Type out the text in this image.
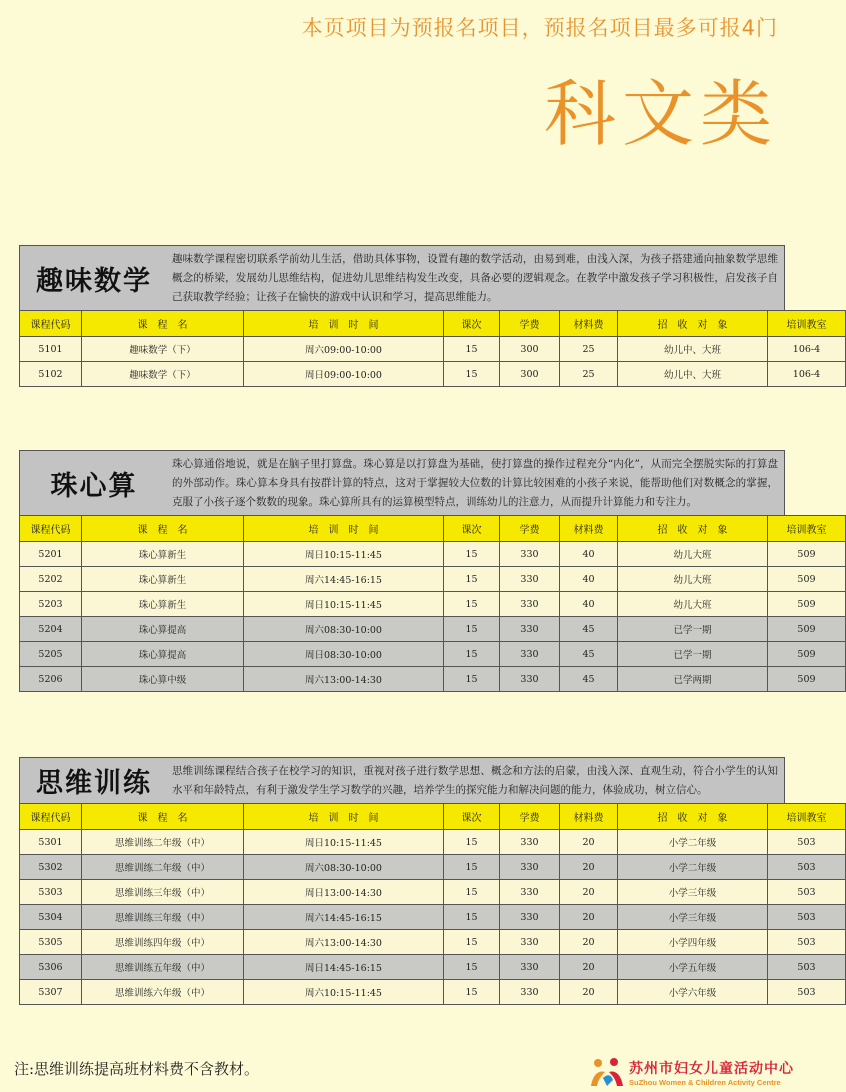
本页项目为预报名项目，预报名项目最多可报4门
科文类
趣味数学
趣味数学课程密切联系学前幼儿生活，借助具体事物，设置有趣的数学活动，由易到难，由浅入深，为孩子搭建通向抽象数学思维概念的桥梁，发展幼儿思维结构，促进幼儿思维结构发生改变，具备必要的逻辑观念。在教学中激发孩子学习积极性，启发孩子自己获取教学经验；让孩子在愉快的游戏中认识和学习，提高思维能力。
课程代码	课　程　名	培　训　时　间	课次	学费	材料费	招　收　对　象	培训教室
5101	趣味数学（下）	周六09:00-10:00	15	300	25	幼儿中、大班	106-4
5102	趣味数学（下）	周日09:00-10:00	15	300	25	幼儿中、大班	106-4
珠心算
珠心算通俗地说，就是在脑子里打算盘。珠心算是以打算盘为基础，使打算盘的操作过程充分“内化”，从而完全摆脱实际的打算盘的外部动作。珠心算本身具有按群计算的特点，这对于掌握较大位数的计算比较困难的小孩子来说，能帮助他们对数概念的掌握，克服了小孩子逐个数数的现象。珠心算所具有的运算模型特点，训练幼儿的注意力，从而提升计算能力和专注力。
课程代码	课　程　名	培　训　时　间	课次	学费	材料费	招　收　对　象	培训教室
5201	珠心算新生	周日10:15-11:45	15	330	40	幼儿大班	509
5202	珠心算新生	周六14:45-16:15	15	330	40	幼儿大班	509
5203	珠心算新生	周日10:15-11:45	15	330	40	幼儿大班	509
5204	珠心算提高	周六08:30-10:00	15	330	45	已学一期	509
5205	珠心算提高	周日08:30-10:00	15	330	45	已学一期	509
5206	珠心算中级	周六13:00-14:30	15	330	45	已学两期	509
思维训练	思维训练课程结合孩子在校学习的知识，重视对孩子进行数学思想、概念和方法的启蒙，由浅入深、直观生动，符合小学生的认知水平和年龄特点，有利于激发学生学习数学的兴趣，培养学生的探究能力和解决问题的能力，体验成功，树立信心。
课程代码	课　程　名	培　训　时　间	课次	学费	材料费	招　收　对　象	培训教室
5301	思维训练二年级（中）	周日10:15-11:45	15	330	20	小学二年级	503
5302	思维训练二年级（中）	周六08:30-10:00	15	330	20	小学二年级	503
5303	思维训练三年级（中）	周日13:00-14:30	15	330	20	小学三年级	503
5304	思维训练三年级（中）	周六14:45-16:15	15	330	20	小学三年级	503
5305	思维训练四年级（中）	周六13:00-14:30	15	330	20	小学四年级	503
5306	思维训练五年级（中）	周日14:45-16:15	15	330	20	小学五年级	503
5307	思维训练六年级（中）	周六10:15-11:45	15	330	20	小学六年级	503
注:思维训练提高班材料费不含教材。	苏州市妇女儿童活动中心
SuZhou Women & Children Activity Centre
